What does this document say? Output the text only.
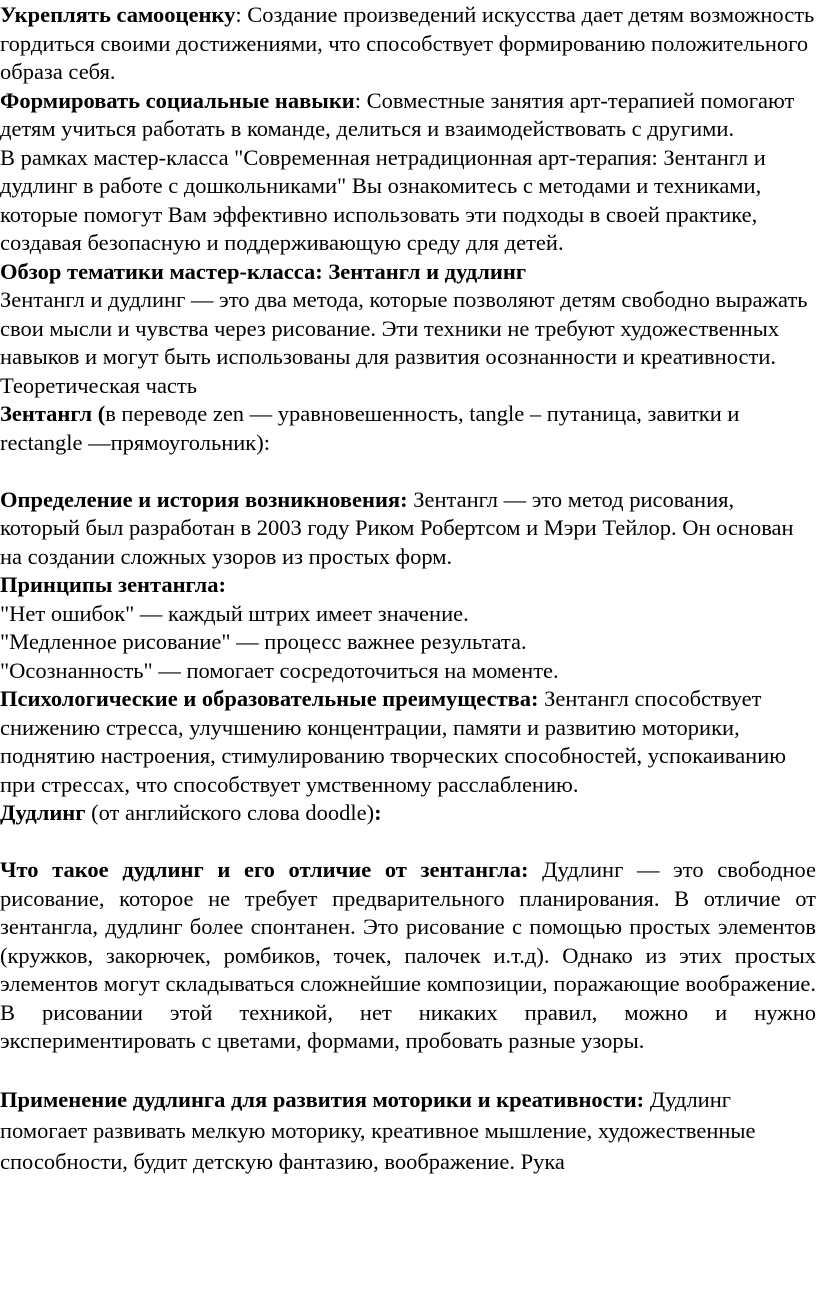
Укреплять самооценку: Создание произведений искусства дает детям возможность гордиться своими достижениями, что способствует формированию положительного образа себя.

Формировать социальные навыки: Совместные занятия арт-терапией помогают детям учиться работать в команде, делиться и взаимодействовать с другими.

В рамках мастер-класса "Современная нетрадиционная арт-терапия: Зентангл и дудлинг в работе с дошкольниками" Вы ознакомитесь с методами и техниками, которые помогут Вам эффективно использовать эти подходы в своей практике, создавая безопасную и поддерживающую среду для детей.

Обзор тематики мастер-класса: Зентангл и дудлинг

Зентангл и дудлинг — это два метода, которые позволяют детям свободно выражать свои мысли и чувства через рисование. Эти техники не требуют художественных навыков и могут быть использованы для развития осознанности и креативности.

Теоретическая часть

Зентангл (в переводе zen — уравновешенность, tangle – путаница, завитки и rectangle —прямоугольник):

Определение и история возникновения: Зентангл — это метод рисования, который был разработан в 2003 году Риком Робертсом и Мэри Тейлор. Он основан на создании сложных узоров из простых форм.

Принципы зентангла:

"Нет ошибок" — каждый штрих имеет значение.

"Медленное рисование" — процесс важнее результата.

"Осознанность" — помогает сосредоточиться на моменте.

Психологические и образовательные преимущества: Зентангл способствует снижению стресса, улучшению концентрации, памяти и развитию моторики, поднятию настроения, стимулированию творческих способностей, успокаиванию при стрессах, что способствует умственному расслаблению.

Дудлинг (от английского слова doodle):

Что такое дудлинг и его отличие от зентангла: Дудлинг — это свободное рисование, которое не требует предварительного планирования. В отличие от зентангла, дудлинг более спонтанен. Это рисование с помощью простых элементов (кружков, закорючек, ромбиков, точек, палочек и.т.д). Однако из этих простых элементов могут складываться сложнейшие композиции, поражающие воображение. В рисовании этой техникой, нет никаких правил, можно и нужно экспериментировать с цветами, формами, пробовать разные узоры.

Применение дудлинга для развития моторики и креативности: Дудлинг помогает развивать мелкую моторику, креативное мышление, художественные способности, будит детскую фантазию, воображение. Рука
